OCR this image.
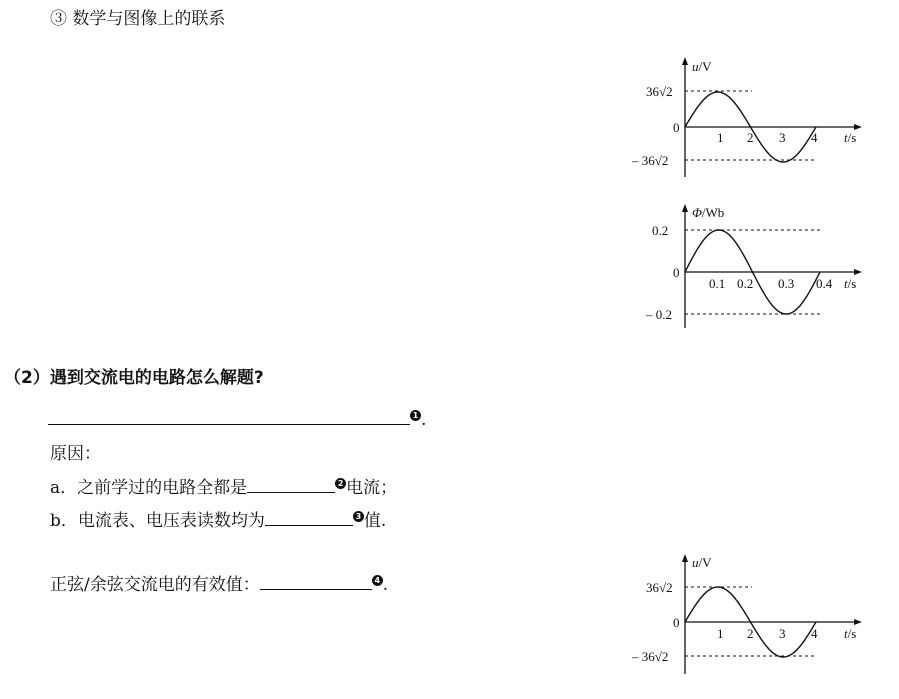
③ 数学与图像上的联系
（2）遇到交流电的电路怎么解题?
1 .
原因：
a．之前学过的电路全都是	2 电流；
b．电流表、电压表读数均为	3 值.
正弦/余弦交流电的有效值：	4 .
u/V
t/s
0
36√2
– 36√2
1 2 3 4
Φ/Wb
t/s
0
0.2
– 0.2
0.1 0.2 0.3 0.4
u/V
t/s
0
36√2
– 36√2
1 2 3 4
